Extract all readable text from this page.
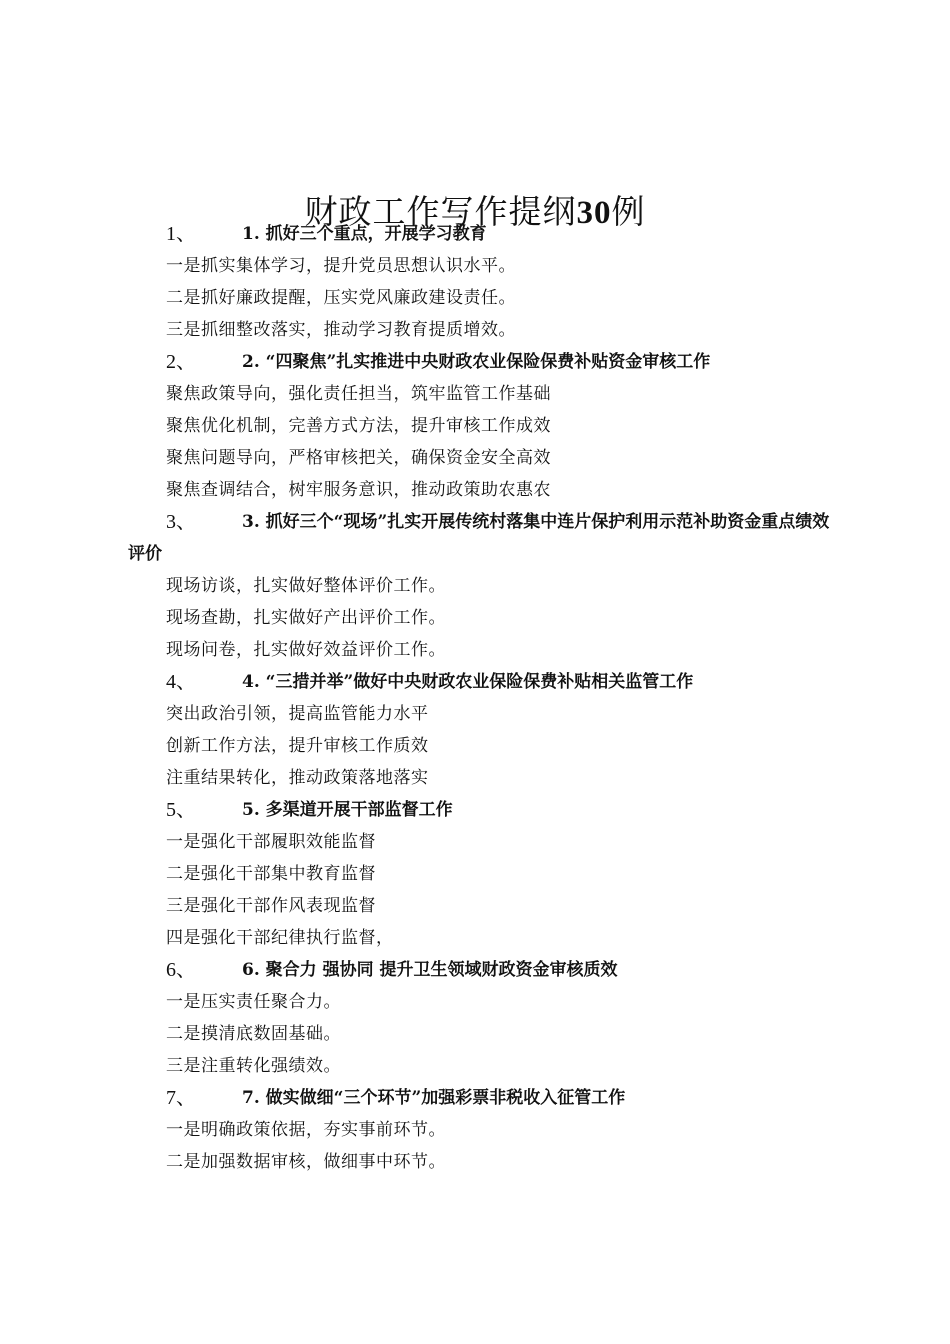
财政工作写作提纲30例
1、	1. 抓好三个重点，开展学习教育
一是抓实集体学习，提升党员思想认识水平。
二是抓好廉政提醒，压实党风廉政建设责任。
三是抓细整改落实，推动学习教育提质增效。
2、	2. “四聚焦”扎实推进中央财政农业保险保费补贴资金审核工作
聚焦政策导向，强化责任担当，筑牢监管工作基础
聚焦优化机制，完善方式方法，提升审核工作成效
聚焦问题导向，严格审核把关，确保资金安全高效
聚焦查调结合，树牢服务意识，推动政策助农惠农
3、	3. 抓好三个“现场”扎实开展传统村落集中连片保护利用示范补助资金重点绩效评价
现场访谈，扎实做好整体评价工作。
现场查勘，扎实做好产出评价工作。
现场问卷，扎实做好效益评价工作。
4、	4. “三措并举”做好中央财政农业保险保费补贴相关监管工作
突出政治引领，提高监管能力水平
创新工作方法，提升审核工作质效
注重结果转化，推动政策落地落实
5、	5. 多渠道开展干部监督工作
一是强化干部履职效能监督
二是强化干部集中教育监督
三是强化干部作风表现监督
四是强化干部纪律执行监督，
6、	6. 聚合力 强协同 提升卫生领域财政资金审核质效
一是压实责任聚合力。
二是摸清底数固基础。
三是注重转化强绩效。
7、	7. 做实做细“三个环节”加强彩票非税收入征管工作
一是明确政策依据，夯实事前环节。
二是加强数据审核，做细事中环节。
